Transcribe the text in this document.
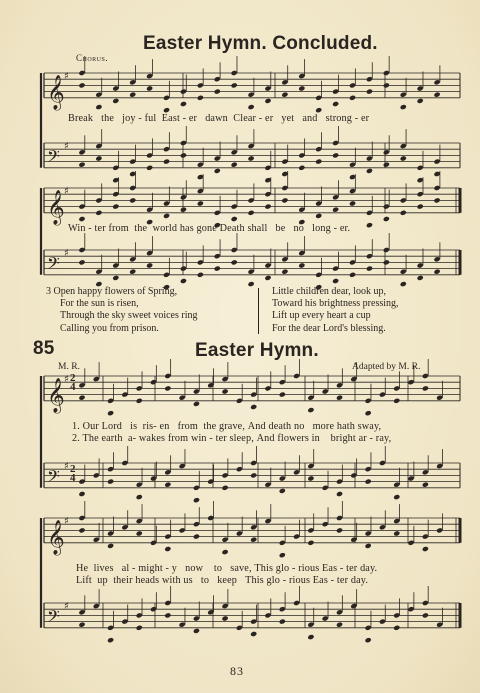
Easter Hymn. Concluded.
Chorus.
𝄞 ♯
𝄢 ♯
𝄞 ♯
𝄢 ♯
𝄞 ♯
𝄢 ♯
𝄞 ♯
𝄢 ♯
Break the joy - ful East - er dawn Clear - er yet and strong - er
Win - ter from the world has gone Death shall be no long - er.
3 Open happy flowers of Spring,
For the sun is risen,
Through the sky sweet voices ring
Calling you from prison.
Little children dear, look up,
Toward his brightness pressing,
Lift up every heart a cup
For the dear Lord's blessing.
85	Easter Hymn.
M. R.	Adapted by M. R.
2
4
2
4
1. Our Lord is ris- en from the grave, And death no more hath sway,
2. The earth a- wakes from win - ter sleep, And flowers in bright ar - ray,
He lives al - might - y now to save, This glo - rious Eas - ter day.
Lift up their heads with us to keep This glo - rious Eas - ter day.
83
